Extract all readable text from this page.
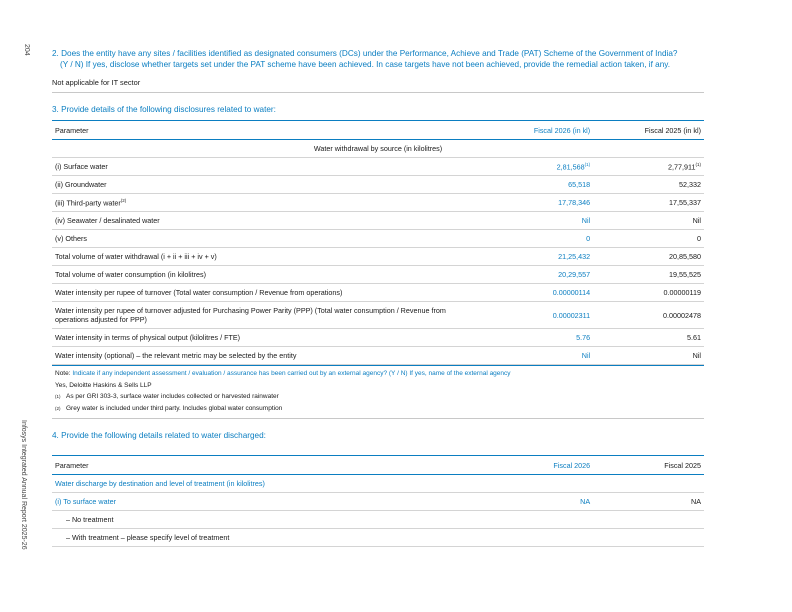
204
Infosys Integrated Annual Report 2025-26
2. Does the entity have any sites / facilities identified as designated consumers (DCs) under the Performance, Achieve and Trade (PAT) Scheme of the Government of India?
(Y / N) If yes, disclose whether targets set under the PAT scheme have been achieved. In case targets have not been achieved, provide the remedial action taken, if any.
Not applicable for IT sector
3. Provide details of the following disclosures related to water:
Parameter	Fiscal 2026 (in kl)	Fiscal 2025 (in kl)
Water withdrawal by source (in kilolitres)		
(i) Surface water	2,81,568$^{(1)}$	2,77,911$^{(1)}$
(ii) Groundwater	65,518	52,332
(iii) Third-party water$^{(2)}$	17,78,346	17,55,337
(iv) Seawater / desalinated water	Nil	Nil
(v) Others	0	0
Total volume of water withdrawal (i + ii + iii + iv + v)	21,25,432	20,85,580
Total volume of water consumption (in kilolitres)	20,29,557	19,55,525
Water intensity per rupee of turnover (Total water consumption / Revenue from operations)	0.00000114	0.00000119
Water intensity per rupee of turnover adjusted for Purchasing Power Parity (PPP) (Total water consumption / Revenue from operations adjusted for PPP)	0.00002311	0.00002478
Water intensity in terms of physical output (kilolitres / FTE)	5.76	5.61
Water intensity (optional) – the relevant metric may be selected by the entity	Nil	Nil
Note: Indicate if any independent assessment / evaluation / assurance has been carried out by an external agency? (Y / N) If yes, name of the external agency
Yes, Deloitte Haskins & Sells LLP
(1) As per GRI 303-3, surface water includes collected or harvested rainwater
(2) Grey water is included under third party. Includes global water consumption
4. Provide the following details related to water discharged:
Parameter	Fiscal 2026	Fiscal 2025
Water discharge by destination and level of treatment (in kilolitres)		
(i) To surface water	NA	NA
– No treatment		
– With treatment – please specify level of treatment		
